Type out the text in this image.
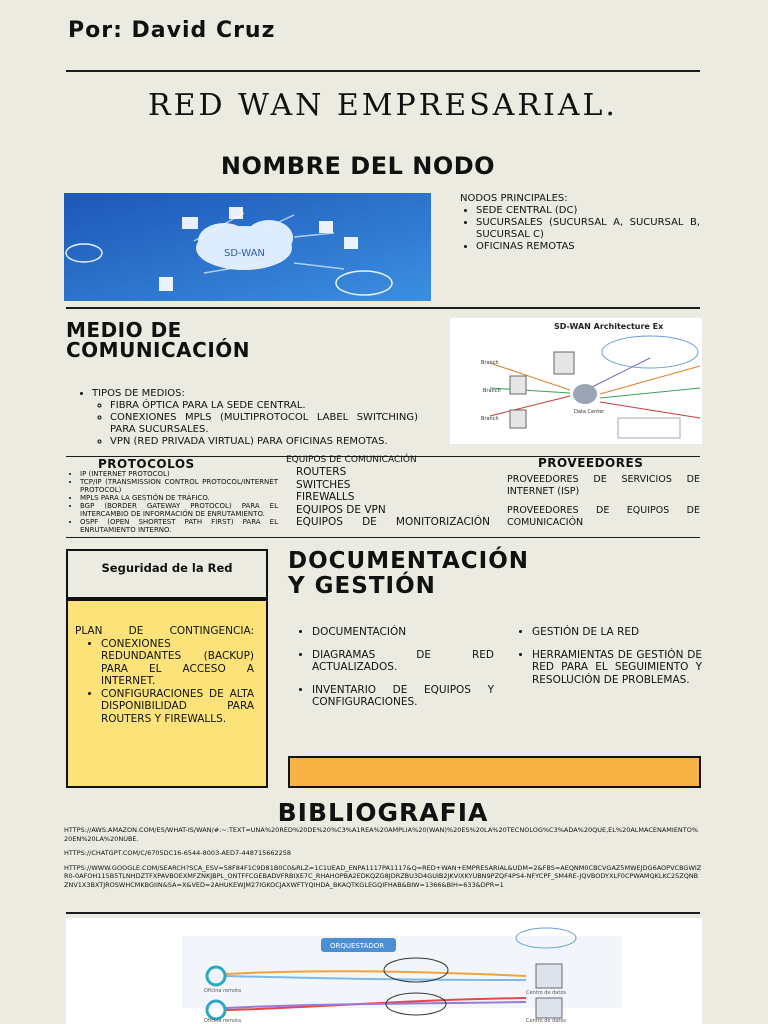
Por: David Cruz
RED WAN EMPRESARIAL.
NOMBRE DEL NODO
SD-WAN
NODOS PRINCIPALES:
• SEDE CENTRAL (DC)
• SUCURSALES (SUCURSAL A, SUCURSAL B, SUCURSAL C)
• OFICINAS REMOTAS
MEDIO DE
COMUNICACIÓN
SD-WAN Architecture Ex
Branch
Branch
Branch
Data Center
• TIPOS DE MEDIOS:
◦ FIBRA ÓPTICA PARA LA SEDE CENTRAL.
◦ CONEXIONES MPLS (MULTIPROTOCOL LABEL SWITCHING) PARA SUCURSALES.
◦ VPN (RED PRIVADA VIRTUAL) PARA OFICINAS REMOTAS.
PROTOCOLOS
• IP (INTERNET PROTOCOL)
• TCP/IP (TRANSMISSION CONTROL PROTOCOL/INTERNET PROTOCOL)
• MPLS PARA LA GESTIÓN DE TRÁFICO.
• BGP (BORDER GATEWAY PROTOCOL) PARA EL INTERCAMBIO DE INFORMACIÓN DE ENRUTAMIENTO.
• OSPF (OPEN SHORTEST PATH FIRST) PARA EL ENRUTAMIENTO INTERNO.
EQUIPOS DE COMUNICACIÓN
ROUTERS
SWITCHES
FIREWALLS
EQUIPOS DE VPN
EQUIPOS DE MONITORIZACIÓN
PROVEEDORES
PROVEEDORES DE SERVICIOS DE INTERNET (ISP)
PROVEEDORES DE EQUIPOS DE COMUNICACIÓN
Seguridad de la Red
PLAN DE CONTINGENCIA:
• CONEXIONES REDUNDANTES (BACKUP) PARA EL ACCESO A INTERNET.
• CONFIGURACIONES DE ALTA DISPONIBILIDAD PARA ROUTERS Y FIREWALLS.
DOCUMENTACIÓN
Y GESTIÓN
• DOCUMENTACIÓN
• DIAGRAMAS DE RED ACTUALIZADOS.
• INVENTARIO DE EQUIPOS Y CONFIGURACIONES.
• GESTIÓN DE LA RED
• HERRAMIENTAS DE GESTIÓN DE RED PARA EL SEGUIMIENTO Y RESOLUCIÓN DE PROBLEMAS.
BIBLIOGRAFIA
HTTPS://AWS.AMAZON.COM/ES/WHAT-IS/WAN/#:~:TEXT=UNA%20RED%20DE%20%C3%A1REA%20AMPLIA%20(WAN)%20ES%20LA%20TECNOLOG%C3%ADA%20QUE,EL%20ALMACENAMIENTO%20EN%20LA%20NUBE.
HTTPS://CHATGPT.COM/C/6705DC16-6544-8003-AED7-448715662258
HTTPS://WWW.GOOGLE.COM/SEARCH?SCA_ESV=58F84F1C9D81B0C0&RLZ=1C1UEAD_ENPA1117PA1117&Q=RED+WAN+EMPRESARIAL&UDM=2&FBS=AEQNM0CBCVGAZ5MWEJDG6AOPVCBGWIZR0-0AFOH115B5TLNHDZTFXPAVBOEXMFZNKJBPL_ONTFFCGEBADVFRBIXE7C_RHAHOPBA2EDKQZG8JDRZBU3D4GUIB2JKVIXKYUBN9PZQF4PS4-NFYCPF_SM4RE-JQVBODYXLF0CPWAMQKLKC25ZQNBZNV1X3BXTJROSWHCMKBGIIN&SA=X&VED=2AHUKEWJM27IGKOCJAXWFTYQIHDA_BKAQTKGLEGQIFHAB&BIW=1366&BIH=633&DPR=1
ORQUESTADOR
Oficina remota
Oficina remota
Centro de datos
Centro de datos
